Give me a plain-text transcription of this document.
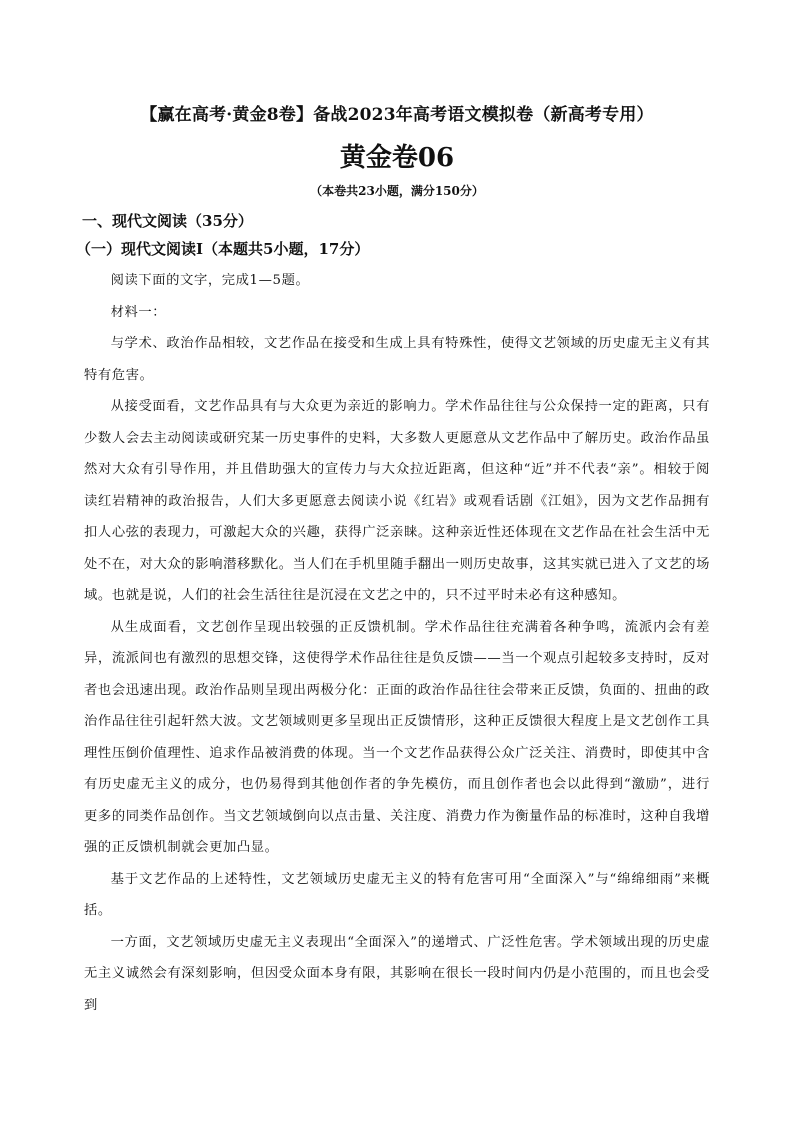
【赢在高考·黄金8卷】备战2023年高考语文模拟卷（新高考专用）
黄金卷06
（本卷共23小题，满分150分）
一、现代文阅读（35分）
（一）现代文阅读Ⅰ（本题共5小题，17分）

阅读下面的文字，完成1—5题。

材料一：

与学术、政治作品相较，文艺作品在接受和生成上具有特殊性，使得文艺领域的历史虚无主义有其特有危害。

从接受面看，文艺作品具有与大众更为亲近的影响力。学术作品往往与公众保持一定的距离，只有少数人会去主动阅读或研究某一历史事件的史料，大多数人更愿意从文艺作品中了解历史。政治作品虽然对大众有引导作用，并且借助强大的宣传力与大众拉近距离，但这种“近”并不代表“亲”。相较于阅读红岩精神的政治报告，人们大多更愿意去阅读小说《红岩》或观看话剧《江姐》，因为文艺作品拥有扣人心弦的表现力，可激起大众的兴趣，获得广泛亲睐。这种亲近性还体现在文艺作品在社会生活中无处不在，对大众的影响潜移默化。当人们在手机里随手翻出一则历史故事，这其实就已进入了文艺的场域。也就是说，人们的社会生活往往是沉浸在文艺之中的，只不过平时未必有这种感知。

从生成面看，文艺创作呈现出较强的正反馈机制。学术作品往往充满着各种争鸣，流派内会有差异，流派间也有激烈的思想交锋，这使得学术作品往往是负反馈——当一个观点引起较多支持时，反对者也会迅速出现。政治作品则呈现出两极分化：正面的政治作品往往会带来正反馈，负面的、扭曲的政治作品往往引起轩然大波。文艺领域则更多呈现出正反馈情形，这种正反馈很大程度上是文艺创作工具理性压倒价值理性、追求作品被消费的体现。当一个文艺作品获得公众广泛关注、消费时，即使其中含有历史虚无主义的成分，也仍易得到其他创作者的争先模仿，而且创作者也会以此得到“激励”，进行更多的同类作品创作。当文艺领域倒向以点击量、关注度、消费力作为衡量作品的标准时，这种自我增强的正反馈机制就会更加凸显。

基于文艺作品的上述特性，文艺领域历史虚无主义的特有危害可用“全面深入”与“绵绵细雨”来概括。

一方面，文艺领域历史虚无主义表现出“全面深入”的递增式、广泛性危害。学术领域出现的历史虚无主义诚然会有深刻影响，但因受众面本身有限，其影响在很长一段时间内仍是小范围的，而且也会受到
